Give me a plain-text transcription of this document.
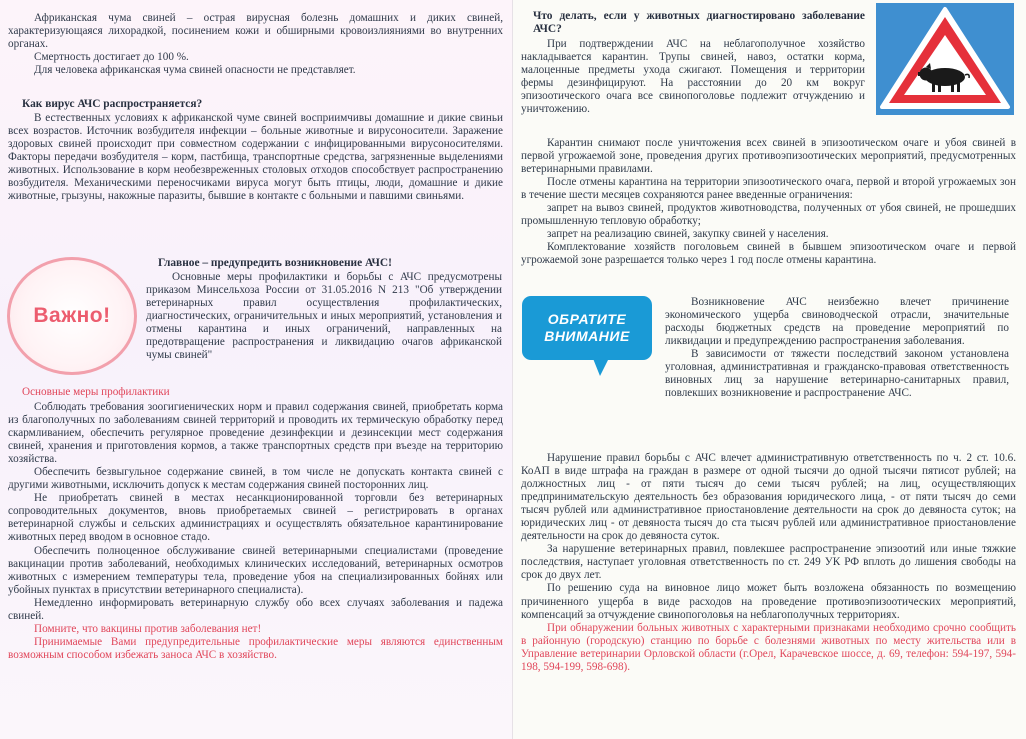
Африканская чума свиней – острая вирусная болезнь домашних и диких свиней, характеризующаяся лихорадкой, посинением кожи и обширными кровоизлияниями во внутренних органах.

Смертность достигает до 100 %.

Для человека африканская чума свиней опасности не представляет.

Как вирус АЧС распространяется?

В естественных условиях к африканской чуме свиней восприимчивы домашние и дикие свиньи всех возрастов. Источник возбудителя инфекции – больные животные и вирусоносители. Заражение здоровых свиней происходит при совместном содержании с инфицированными вирусоносителями. Факторы передачи возбудителя – корм, пастбища, транспортные средства, загрязненные выделениями животных. Использование в корм необезвреженных столовых отходов способствует распространению возбудителя. Механическими переносчиками вируса могут быть птицы, люди, домашние и дикие животные, грызуны, накожные паразиты, бывшие в контакте с больными и павшими свиньями.

Важно!
Главное – предупредить возникновение АЧС!

Основные меры профилактики и борьбы с АЧС предусмотрены приказом Минсельхоза России от 31.05.2016 N 213 "Об утверждении ветеринарных правил осуществления профилактических, диагностических, ограничительных и иных мероприятий, установления и отмены карантина и иных ограничений, направленных на предотвращение распространения и ликвидацию очагов африканской чумы свиней"

Основные меры профилактики

Соблюдать требования зоогигиенических норм и правил содержания свиней, приобретать корма из благополучных по заболеваниям свиней территорий и проводить их термическую обработку перед скармливанием, обеспечить регулярное проведение дезинфекции и дезинсекции мест содержания свиней, хранения и приготовления кормов, а также транспортных средств при въезде на территорию хозяйства.

Обеспечить безвыгульное содержание свиней, в том числе не допускать контакта свиней с другими животными, исключить допуск к местам содержания свиней посторонних лиц.

Не приобретать свиней в местах несанкционированной торговли без ветеринарных сопроводительных документов, вновь приобретаемых свиней – регистрировать в органах ветеринарной службы и сельских администрациях и осуществлять обязательное карантинирование животных перед вводом в основное стадо.

Обеспечить полноценное обслуживание свиней ветеринарными специалистами (проведение вакцинации против заболеваний, необходимых клинических исследований, ветеринарных осмотров животных с измерением температуры тела, проведение убоя на специализированных бойнях или убойных пунктах в присутствии ветеринарного специалиста).

Немедленно информировать ветеринарную службу обо всех случаях заболевания и падежа свиней.

Помните, что вакцины против заболевания нет!

Принимаемые Вами предупредительные профилактические меры являются единственным возможным способом избежать заноса АЧС в хозяйство.

Что делать, если у животных диагностировано заболевание АЧС?

При подтверждении АЧС на неблагополучное хозяйство накладывается карантин. Трупы свиней, навоз, остатки корма, малоценные предметы ухода сжигают. Помещения и территории фермы дезинфицируют. На расстоянии до 20 км вокруг эпизоотического очага все свинопоголовье подлежит отчуждению и уничтожению.

Карантин снимают после уничтожения всех свиней в эпизоотическом очаге и убоя свиней в первой угрожаемой зоне, проведения других противоэпизоотических мероприятий, предусмотренных ветеринарными правилами.

После отмены карантина на территории эпизоотического очага, первой и второй угрожаемых зон в течение шести месяцев сохраняются ранее введенные ограничения:

запрет на вывоз свиней, продуктов животноводства, полученных от убоя свиней, не прошедших промышленную тепловую обработку;

запрет на реализацию свиней, закупку свиней у населения.

Комплектование хозяйств поголовьем свиней в бывшем эпизоотическом очаге и первой угрожаемой зоне разрешается только через 1 год после отмены карантина.

ОБРАТИТЕ
ВНИМАНИЕ

Возникновение АЧС неизбежно влечет причинение экономического ущерба свиноводческой отрасли, значительные расходы бюджетных средств на проведение мероприятий по ликвидации и предупреждению распространения заболевания.

В зависимости от тяжести последствий законом установлена уголовная, административная и гражданско-правовая ответственность виновных лиц за нарушение ветеринарно-санитарных правил, повлекших возникновение и распространение АЧС.

Нарушение правил борьбы с АЧС влечет административную ответственность по ч. 2 ст. 10.6. КоАП в виде штрафа на граждан в размере от одной тысячи до одной тысячи пятисот рублей; на должностных лиц - от пяти тысяч до семи тысяч рублей; на лиц, осуществляющих предпринимательскую деятельность без образования юридического лица, - от пяти тысяч до семи тысяч рублей или административное приостановление деятельности на срок до девяноста суток; на юридических лиц - от девяноста тысяч до ста тысяч рублей или административное приостановление деятельности на срок до девяноста суток.

За нарушение ветеринарных правил, повлекшее распространение эпизоотий или иные тяжкие последствия, наступает уголовная ответственность по ст. 249 УК РФ вплоть до лишения свободы на срок до двух лет.

По решению суда на виновное лицо может быть возложена обязанность по возмещению причиненного ущерба в виде расходов на проведение противоэпизоотических мероприятий, компенсаций за отчуждение свинопоголовья на неблагополучных территориях.

При обнаружении больных животных с характерными признаками необходимо срочно сообщить в районную (городскую) станцию по борьбе с болезнями животных по месту жительства или в Управление ветеринарии Орловской области (г.Орел, Карачевское шоссе, д. 69, телефон: 594-197, 594-198, 594-199, 598-698).
